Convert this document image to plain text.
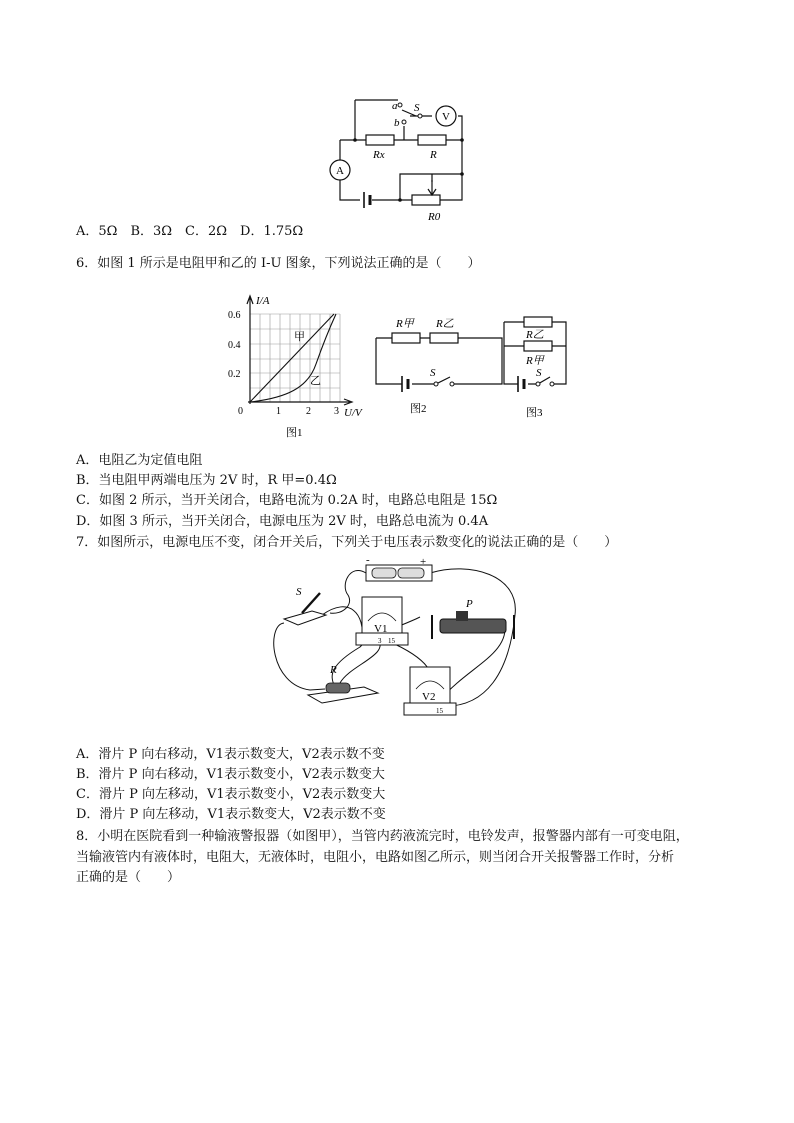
a
b
S
V
A
Rx	R
R0
A．5Ω　B．3Ω　C．2Ω　D．1.75Ω
6．如图 1 所示是电阻甲和乙的 I-U 图象，下列说法正确的是（　　）
I/A
U/V
0.6
0.4
0.2
0	1	2 3
甲
乙
图1
R甲 R乙
S
图2
R乙
R甲
S
图3
A．电阻乙为定值电阻
B．当电阻甲两端电压为 2V 时，R 甲=0.4Ω
C．如图 2 所示，当开关闭合，电路电流为 0.2A 时，电路总电阻是 15Ω
D．如图 3 所示，当开关闭合，电源电压为 2V 时，电路总电流为 0.4A
7．如图所示，电源电压不变，闭合开关后，下列关于电压表示数变化的说法正确的是（　　）
-	+
S
V1
3 15
P
R
V2
15
A．滑片 P 向右移动，V1表示数变大，V2表示数不变
B．滑片 P 向右移动，V1表示数变小，V2表示数变大
C．滑片 P 向左移动，V1表示数变小，V2表示数变大
D．滑片 P 向左移动，V1表示数变大，V2表示数不变
8．小明在医院看到一种输液警报器（如图甲），当管内药液流完时，电铃发声，报警器内部有一可变电阻，
当输液管内有液体时，电阻大，无液体时，电阻小，电路如图乙所示，则当闭合开关报警器工作时，分析
正确的是（　　）
